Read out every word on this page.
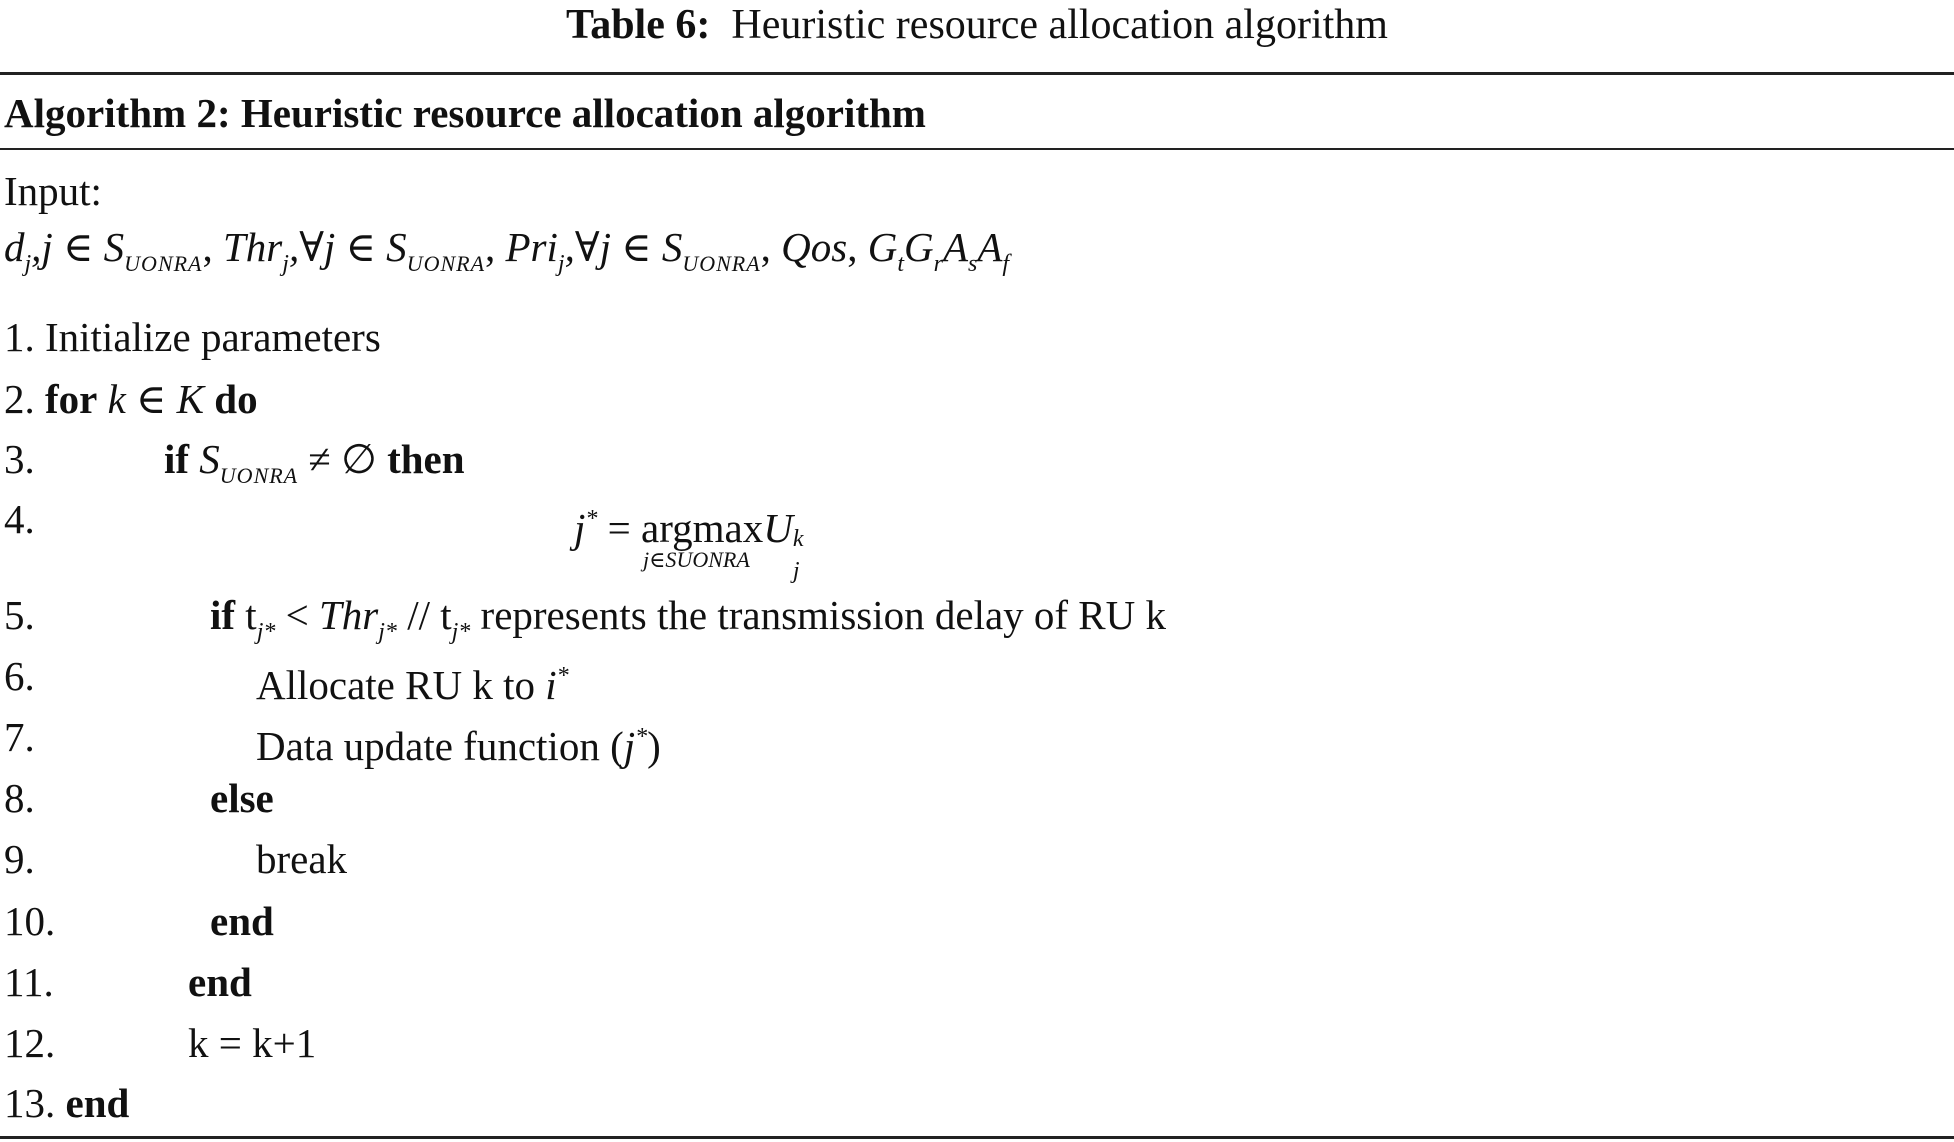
Table 6: Heuristic resource allocation algorithm
Algorithm 2: Heuristic resource allocation algorithm
Input:
$d_j,j$ ∈ $S_{UONRA}$, Thr$_j$,∀j ∈ $S_{UONRA}$, Pri$_j$,∀j ∈ $S_{UONRA}$, Qos, $G_tG_rA_sA_f$
1. Initialize parameters
2. for k ∈ K do
3.	if $S_{UONRA}$ ≠ ∅ then
4.	j* = argmax
j∈SUONRA
U k
j
5.	if $t_{j*} < Thr_{j*} // t_{j*}$ represents the transmission delay of RU k
6.	Allocate RU k to i*
7.	Data update function (j*)
8.	else
9.	break
10.	end
11.	end
12.	k = k+1
13. end
